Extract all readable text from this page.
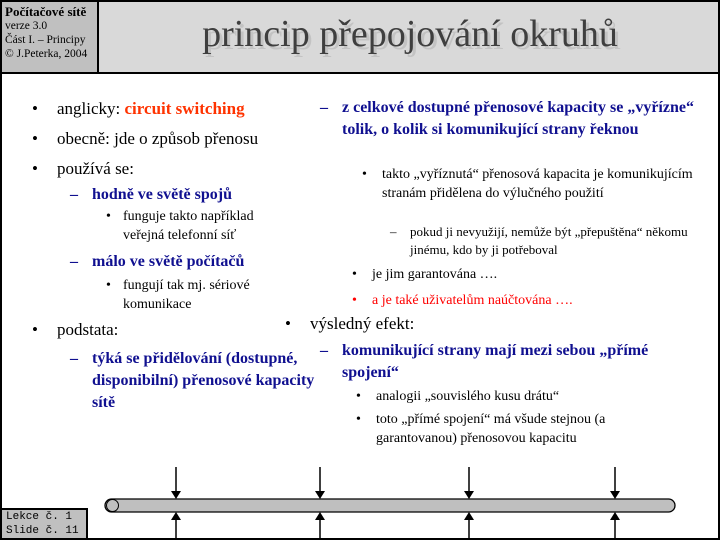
princip přepojování okruhů
Počítačové sítě
verze 3.0
Část I. – Principy
© J.Peterka, 2004
•	anglicky: circuit switching
•	obecně: jde o způsob přenosu
•	používá se:
– hodně ve světě spojů
• funguje takto například veřejná telefonní síť
– málo ve světě počítačů
• fungují tak mj. sériové komunikace
•	podstata:
– týká se přidělování (dostupné, disponibilní) přenosové kapacity sítě
– z celkové dostupné přenosové kapacity se „vyřízne“ tolik, o kolik si komunikující strany řeknou
•	takto „vyříznutá“ přenosová kapacita je komunikujícím stranám přidělena do výlučného použití
–	pokud ji nevyužijí, nemůže být „přepuštěna“ někomu jinému, kdo by ji potřeboval
•	je jim garantována ….
•	a je také uživatelům naúčtována ….
•	výsledný efekt:
– komunikující strany mají mezi sebou „přímé spojení“
•	analogii „souvislého kusu drátu“
•	toto „přímé spojení“ má všude stejnou (a garantovanou) přenosovou kapacitu
Lekce č. 1
Slide č. 11
